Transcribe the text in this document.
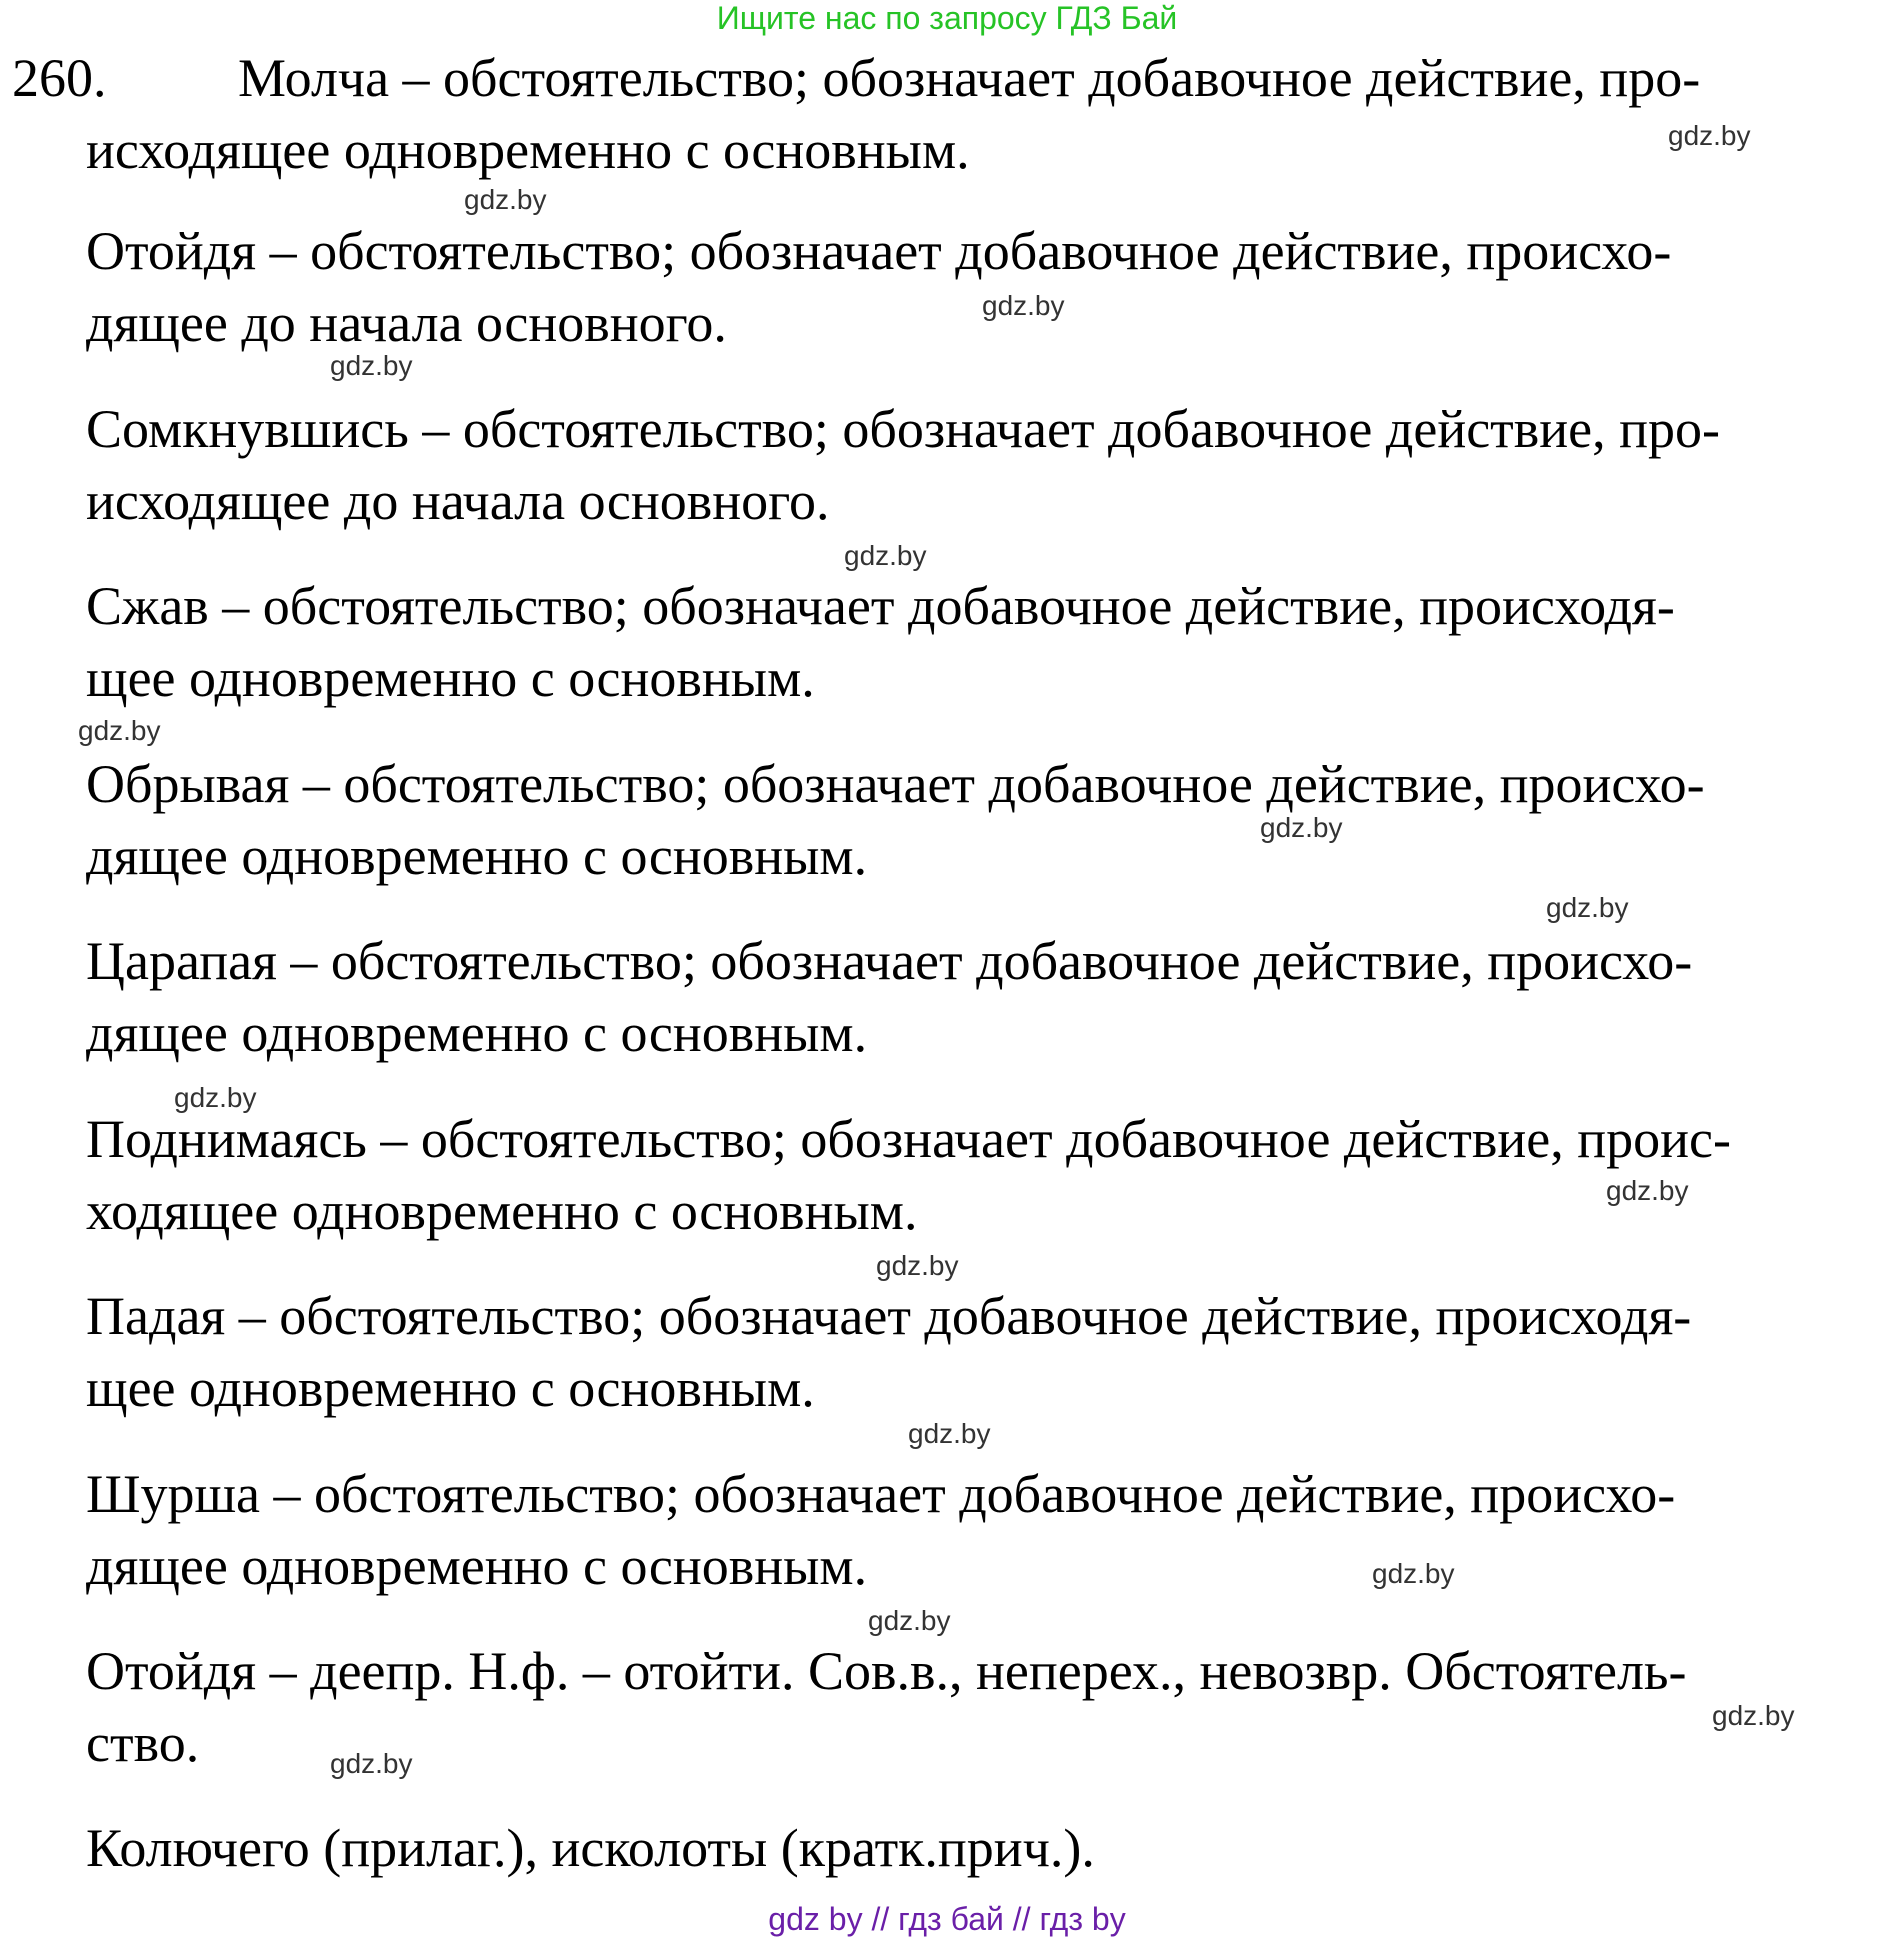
Ищите нас по запросу ГДЗ Бай
260.	Молча – обстоятельство; обозначает добавочное действие, про-
исходящее одновременно с основным.
Отойдя – обстоятельство; обозначает добавочное действие, происхо-
дящее до начала основного.
Сомкнувшись – обстоятельство; обозначает добавочное действие, про-
исходящее до начала основного.
Сжав – обстоятельство; обозначает добавочное действие, происходя-
щее одновременно с основным.
Обрывая – обстоятельство; обозначает добавочное действие, происхо-
дящее одновременно с основным.
Царапая – обстоятельство; обозначает добавочное действие, происхо-
дящее одновременно с основным.
Поднимаясь – обстоятельство; обозначает добавочное действие, проис-
ходящее одновременно с основным.
Падая – обстоятельство; обозначает добавочное действие, происходя-
щее одновременно с основным.
Шурша – обстоятельство; обозначает добавочное действие, происхо-
дящее одновременно с основным.
Отойдя – деепр. Н.ф. – отойти. Сов.в., неперех., невозвр. Обстоятель-
ство.
Колючего (прилаг.), исколоты (кратк.прич.).
gdz.by
gdz.by
gdz.by
gdz.by
gdz.by
gdz.by
gdz.by
gdz.by
gdz.by
gdz.by
gdz.by
gdz.by
gdz.by
gdz.by
gdz.by
gdz.by
gdz by // гдз бай // гдз by
